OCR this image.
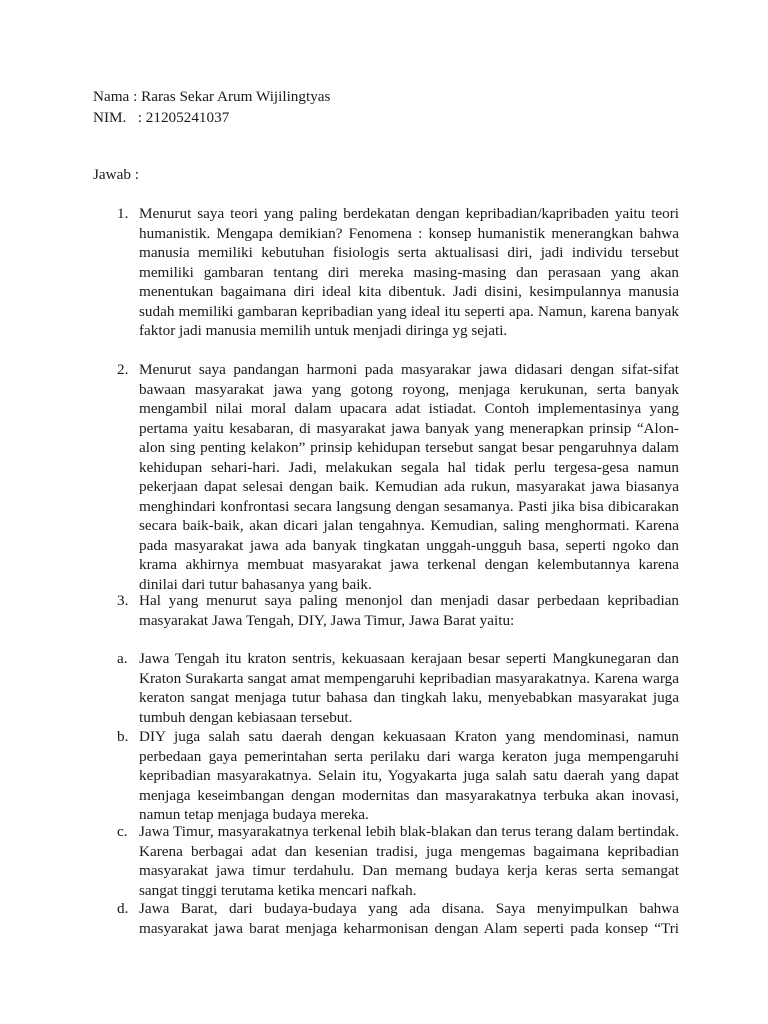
Nama : Raras Sekar Arum Wijilingtyas
NIM.   : 21205241037
Jawab :
1. Menurut saya teori yang paling berdekatan dengan kepribadian/kapribaden yaitu teori humanistik. Mengapa demikian? Fenomena : konsep humanistik menerangkan bahwa manusia memiliki kebutuhan fisiologis serta aktualisasi diri, jadi individu tersebut memiliki gambaran tentang diri mereka masing-masing dan perasaan yang akan menentukan bagaimana diri ideal kita dibentuk. Jadi disini, kesimpulannya manusia sudah memiliki gambaran kepribadian yang ideal itu seperti apa. Namun, karena banyak faktor jadi manusia memilih untuk menjadi diringa yg sejati.
2. Menurut saya pandangan harmoni pada masyarakar jawa didasari dengan sifat-sifat bawaan masyarakat jawa yang gotong royong, menjaga kerukunan, serta banyak mengambil nilai moral dalam upacara adat istiadat. Contoh implementasinya yang pertama yaitu kesabaran, di masyarakat jawa banyak yang menerapkan prinsip “Alon-alon sing penting kelakon” prinsip kehidupan tersebut sangat besar pengaruhnya dalam kehidupan sehari-hari. Jadi, melakukan segala hal tidak perlu tergesa-gesa namun pekerjaan dapat selesai dengan baik. Kemudian ada rukun, masyarakat jawa biasanya menghindari konfrontasi secara langsung dengan sesamanya. Pasti jika bisa dibicarakan secara baik-baik, akan dicari jalan tengahnya. Kemudian, saling menghormati. Karena pada masyarakat jawa ada banyak tingkatan unggah-ungguh basa, seperti ngoko dan krama akhirnya membuat masyarakat jawa terkenal dengan kelembutannya karena dinilai dari tutur bahasanya yang baik.
3. Hal yang menurut saya paling menonjol dan menjadi dasar perbedaan kepribadian masyarakat Jawa Tengah, DIY, Jawa Timur, Jawa Barat yaitu:
a. Jawa Tengah itu kraton sentris, kekuasaan kerajaan besar seperti Mangkunegaran dan Kraton Surakarta sangat amat mempengaruhi kepribadian masyarakatnya. Karena warga keraton sangat menjaga tutur bahasa dan tingkah laku, menyebabkan masyarakat juga tumbuh dengan kebiasaan tersebut.
b. DIY juga salah satu daerah dengan kekuasaan Kraton yang mendominasi, namun perbedaan gaya pemerintahan serta perilaku dari warga keraton juga mempengaruhi kepribadian masyarakatnya. Selain itu, Yogyakarta juga salah satu daerah yang dapat menjaga keseimbangan dengan modernitas dan masyarakatnya terbuka akan inovasi, namun tetap menjaga budaya mereka.
c. Jawa Timur, masyarakatnya terkenal lebih blak-blakan dan terus terang dalam bertindak. Karena berbagai adat dan kesenian tradisi, juga mengemas bagaimana kepribadian masyarakat jawa timur terdahulu. Dan memang budaya kerja keras serta semangat sangat tinggi terutama ketika mencari nafkah.
d. Jawa Barat, dari budaya-budaya yang ada disana. Saya menyimpulkan bahwa masyarakat jawa barat menjaga keharmonisan dengan Alam seperti pada konsep “Tri
